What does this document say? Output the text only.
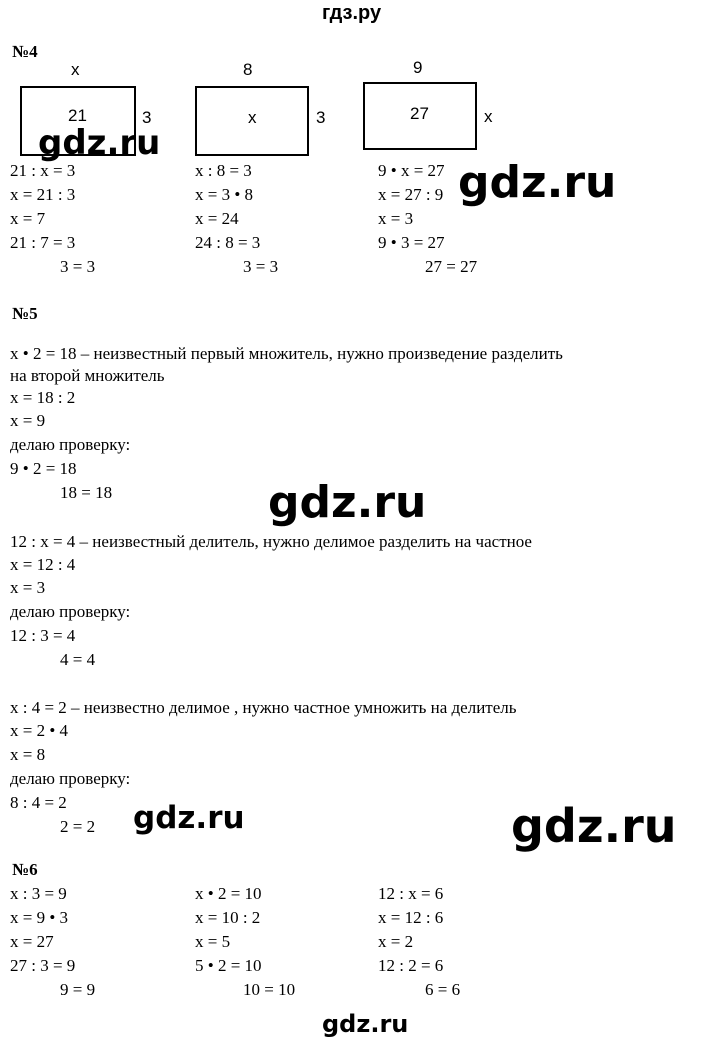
гдз.ру
№4
x
21	3
8
x	3
9
27	x
21 : x = 3
x = 21 : 3
x = 7
21 : 7 = 3
3 = 3
x : 8 = 3
x = 3 • 8
x = 24
24 : 8 = 3
3 = 3
9 • x = 27
x = 27 : 9
x = 3
9 • 3 = 27
27 = 27
№5
x • 2 = 18 – неизвестный первый множитель, нужно произведение разделить
на второй множитель
x = 18 : 2
x = 9
делаю проверку:
9 • 2 = 18
18 = 18
12 : x = 4 – неизвестный делитель, нужно делимое разделить на частное
x = 12 : 4
x = 3
делаю проверку:
12 : 3 = 4
4 = 4
x : 4 = 2 – неизвестно делимое , нужно частное умножить на делитель
x = 2 • 4
x = 8
делаю проверку:
8 : 4 = 2
2 = 2
№6
x : 3 = 9
x = 9 • 3
x = 27
27 : 3 = 9
9 = 9
x • 2 = 10
x = 10 : 2
x = 5
5 • 2 = 10
10 = 10
12 : x = 6
x = 12 : 6
x = 2
12 : 2 = 6
6 = 6
gdz.ru
gdz.ru
gdz.ru
gdz.ru	gdz.ru
gdz.ru
